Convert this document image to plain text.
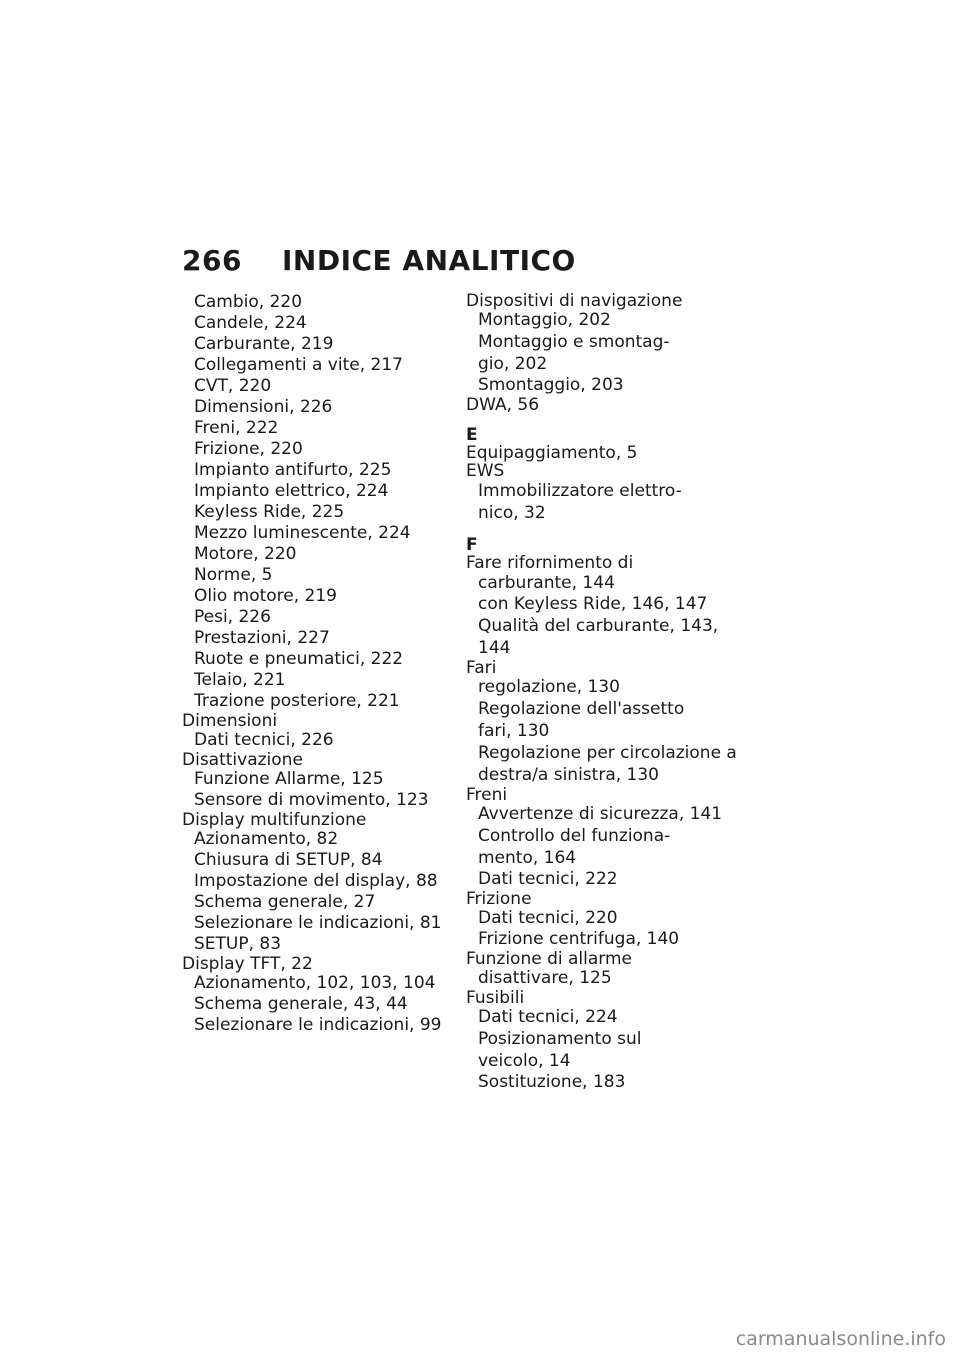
266 INDICE ANALITICO
Cambio, 220
Candele, 224
Carburante, 219
Collegamenti a vite, 217
CVT, 220
Dimensioni, 226
Freni, 222
Frizione, 220
Impianto antifurto, 225
Impianto elettrico, 224
Keyless Ride, 225
Mezzo luminescente, 224
Motore, 220
Norme, 5
Olio motore, 219
Pesi, 226
Prestazioni, 227
Ruote e pneumatici, 222
Telaio, 221
Trazione posteriore, 221
Dimensioni
Dati tecnici, 226
Disattivazione
Funzione Allarme, 125
Sensore di movimento, 123
Display multifunzione
Azionamento, 82
Chiusura di SETUP, 84
Impostazione del display, 88
Schema generale, 27
Selezionare le indicazioni, 81
SETUP, 83
Display TFT, 22
Azionamento, 102, 103, 104
Schema generale, 43, 44
Selezionare le indicazioni, 99
Dispositivi di navigazione
Montaggio, 202
Montaggio e smontag-
gio, 202
Smontaggio, 203
DWA, 56
E
Equipaggiamento, 5
EWS
Immobilizzatore elettro-
nico, 32
F
Fare rifornimento di
carburante, 144
con Keyless Ride, 146, 147
Qualità del carburante, 143,
144
Fari
regolazione, 130
Regolazione dell'assetto
fari, 130
Regolazione per circolazione a
destra/a sinistra, 130
Freni
Avvertenze di sicurezza, 141
Controllo del funziona-
mento, 164
Dati tecnici, 222
Frizione
Dati tecnici, 220
Frizione centrifuga, 140
Funzione di allarme
disattivare, 125
Fusibili
Dati tecnici, 224
Posizionamento sul
veicolo, 14
Sostituzione, 183
carmanualsonline.info
